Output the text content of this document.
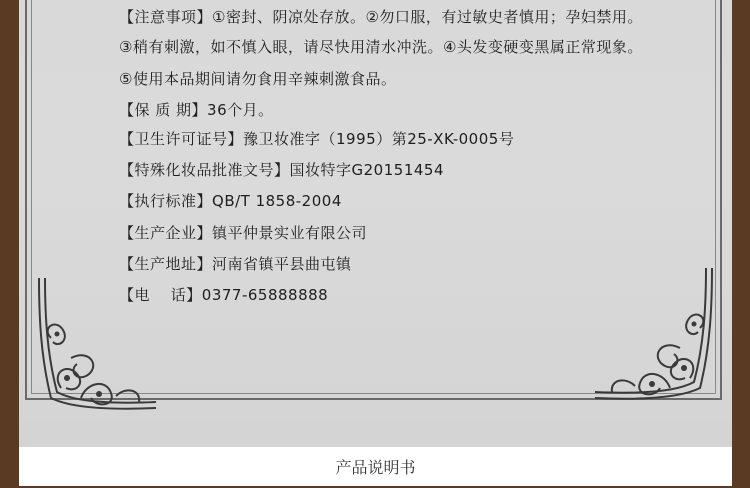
【注意事项】①密封、阴凉处存放。②勿口服，有过敏史者慎用；孕妇禁用。
③稍有刺激，如不慎入眼，请尽快用清水冲洗。④头发变硬变黑属正常现象。
⑤使用本品期间请勿食用辛辣刺激食品。
【保 质 期】36个月。
【卫生许可证号】豫卫妆准字（1995）第25-XK-0005号
【特殊化妆品批准文号】国妆特字G20151454
【执行标准】QB/T 1858-2004
【生产企业】镇平仲景实业有限公司
【生产地址】河南省镇平县曲屯镇
【电　 话】0377-65888888
产品说明书
